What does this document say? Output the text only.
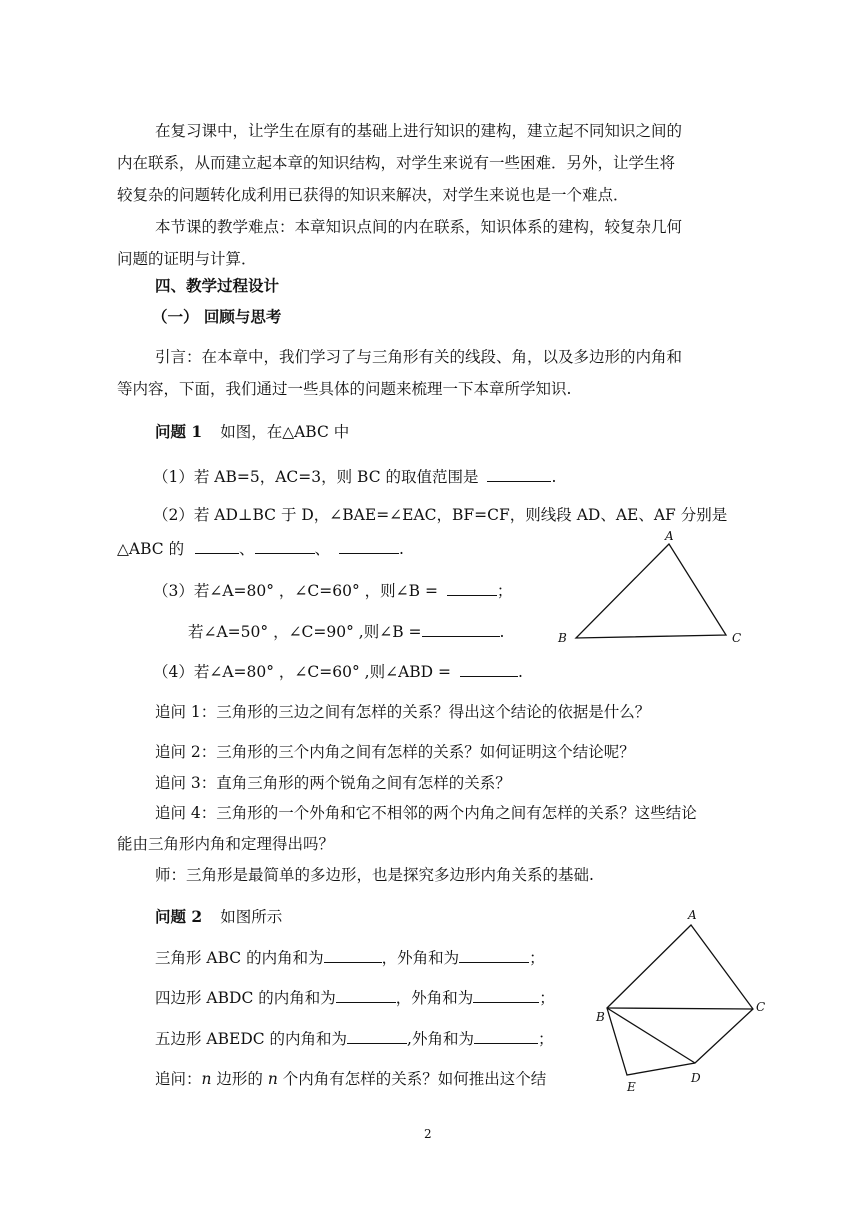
在复习课中，让学生在原有的基础上进行知识的建构，建立起不同知识之间的
内在联系，从而建立起本章的知识结构，对学生来说有一些困难．另外，让学生将
较复杂的问题转化成利用已获得的知识来解决，对学生来说也是一个难点．
本节课的教学难点：本章知识点间的内在联系，知识体系的建构，较复杂几何
问题的证明与计算．
四、教学过程设计
（一） 回顾与思考
引言：在本章中，我们学习了与三角形有关的线段、角，以及多边形的内角和
等内容，下面，我们通过一些具体的问题来梳理一下本章所学知识.
问题 1 如图，在△ABC 中
（1）若 AB=5，AC=3，则 BC 的取值范围是	.
（2）若 AD⊥BC 于 D，∠BAE=∠EAC，BF=CF，则线段 AD、AE、AF 分别是
△ABC 的	、	、	.
（3）若∠A=80° ，∠C=60° ，则∠B =	；
若∠A=50° ，∠C=90° ,则∠B =	.
（4）若∠A=80° ，∠C=60° ,则∠ABD =	.
追问 1：三角形的三边之间有怎样的关系？得出这个结论的依据是什么？
追问 2：三角形的三个内角之间有怎样的关系？如何证明这个结论呢？
追问 3：直角三角形的两个锐角之间有怎样的关系？
追问 4：三角形的一个外角和它不相邻的两个内角之间有怎样的关系？这些结论
能由三角形内角和定理得出吗？
师：三角形是最简单的多边形，也是探究多边形内角关系的基础.
问题 2 如图所示
三角形 ABC 的内角和为	，外角和为	；
四边形 ABDC 的内角和为	，外角和为	；
五边形 ABEDC 的内角和为	,外角和为	；
追问：n 边形的 n 个内角有怎样的关系？如何推出这个结
A
B	C
A
B
C
D
E
2
